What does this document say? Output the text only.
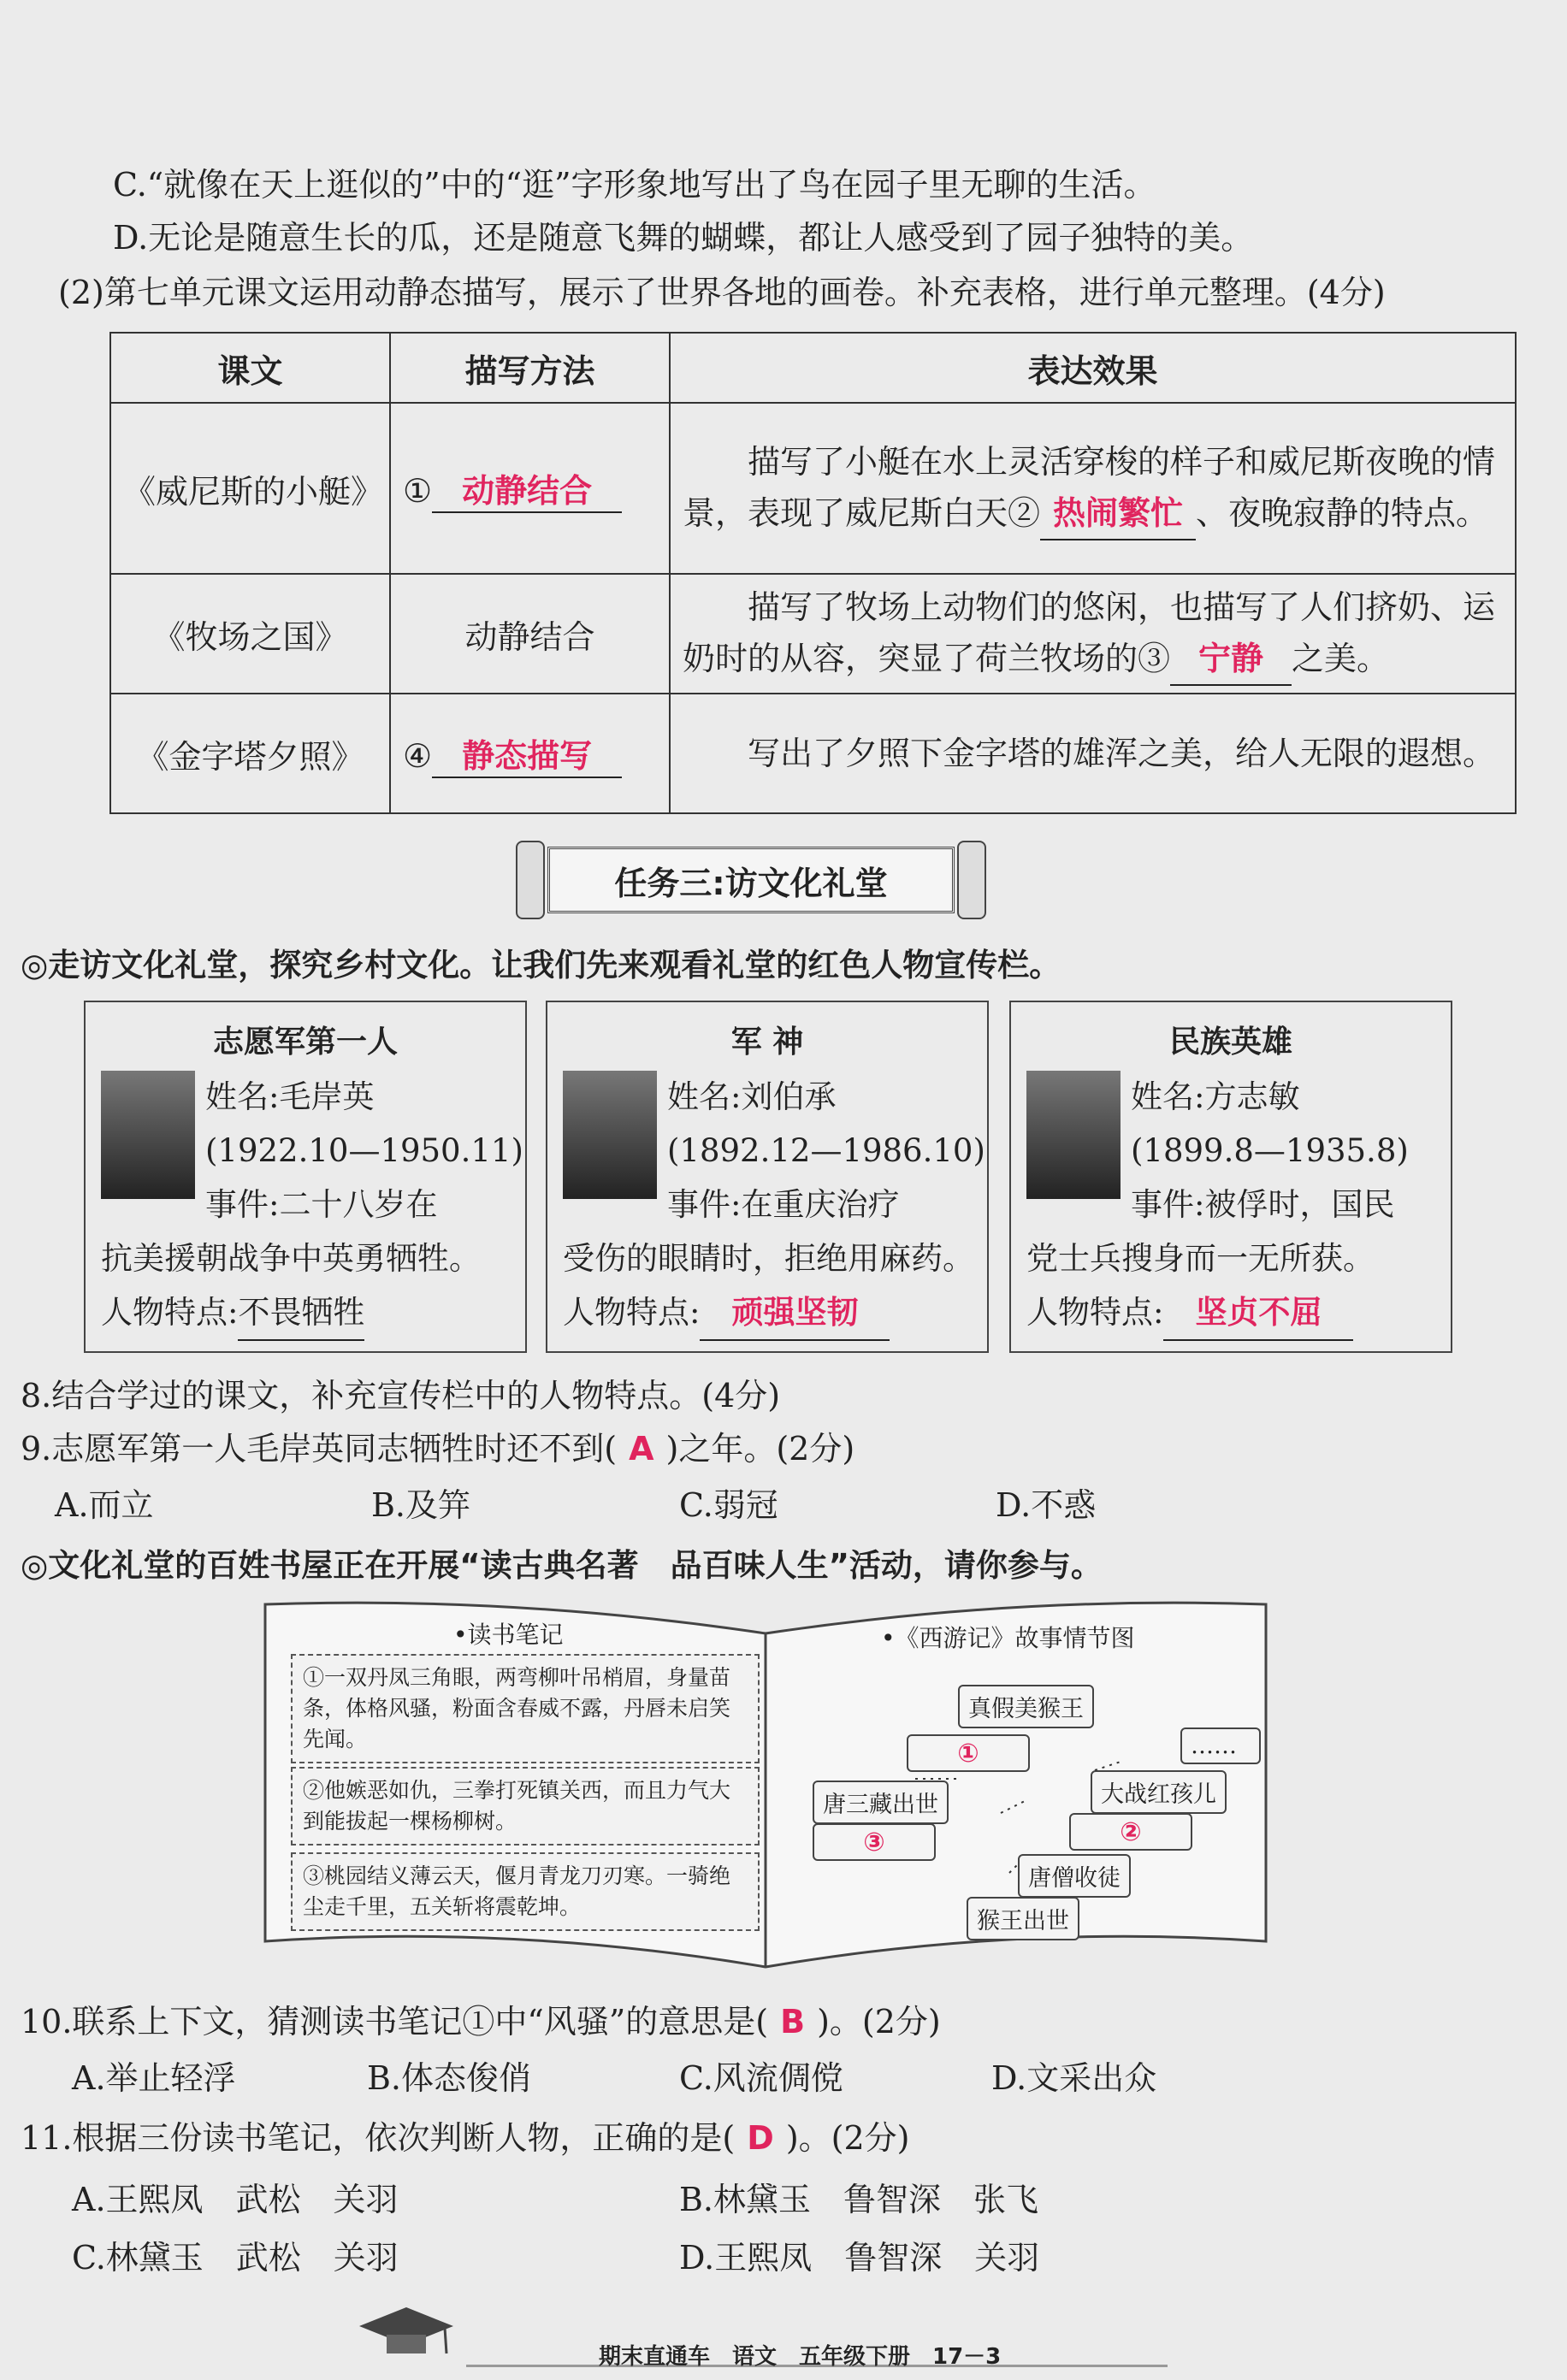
C.“就像在天上逛似的”中的“逛”字形象地写出了鸟在园子里无聊的生活。
D.无论是随意生长的瓜，还是随意飞舞的蝴蝶，都让人感受到了园子独特的美。
(2)第七单元课文运用动静态描写，展示了世界各地的画卷。补充表格，进行单元整理。(4分)
课文	描写方法	表达效果
《威尼斯的小艇》	① 动静结合	描写了小艇在水上灵活穿梭的样子和威尼斯夜晚的情景，表现了威尼斯白天② 热闹繁忙 、夜晚寂静的特点。
《牧场之国》	动静结合	描写了牧场上动物们的悠闲，也描写了人们挤奶、运奶时的从容，突显了荷兰牧场的③ 宁静 之美。
《金字塔夕照》	④ 静态描写	写出了夕照下金字塔的雄浑之美，给人无限的遐想。
任务三:访文化礼堂
◎走访文化礼堂，探究乡村文化。让我们先来观看礼堂的红色人物宣传栏。
志愿军第一人
姓名:毛岸英
(1922.10—1950.11)
事件:二十八岁在
抗美援朝战争中英勇牺牲。
人物特点:不畏牺牲
军 神
姓名:刘伯承
(1892.12—1986.10)
事件:在重庆治疗
受伤的眼睛时，拒绝用麻药。
人物特点: 顽强坚韧
民族英雄
姓名:方志敏
(1899.8—1935.8)
事件:被俘时，国民
党士兵搜身而一无所获。
人物特点: 坚贞不屈
8.结合学过的课文，补充宣传栏中的人物特点。(4分)
9.志愿军第一人毛岸英同志牺牲时还不到( A )之年。(2分)
A.而立	B.及笄	C.弱冠	D.不惑
◎文化礼堂的百姓书屋正在开展“读古典名著　品百味人生”活动，请你参与。
•读书笔记
①一双丹凤三角眼，两弯柳叶吊梢眉，身量苗条，体格风骚，粉面含春威不露，丹唇未启笑先闻。
②他嫉恶如仇，三拳打死镇关西，而且力气大到能拔起一棵杨柳树。
③桃园结义薄云天，偃月青龙刀刃寒。一骑绝尘走千里，五关斩将震乾坤。
•《西游记》故事情节图
真假美猴王
……
①
唐三藏出世	大战红孩儿
③	②
唐僧收徒
猴王出世
10.联系上下文，猜测读书笔记①中“风骚”的意思是( B )。(2分)
A.举止轻浮	B.体态俊俏	C.风流倜傥	D.文采出众
11.根据三份读书笔记，依次判断人物，正确的是( D )。(2分)
A.王熙凤　武松　关羽	B.林黛玉　鲁智深　张飞
C.林黛玉　武松　关羽	D.王熙凤　鲁智深　关羽
期末直通车　语文　五年级下册　17－3
